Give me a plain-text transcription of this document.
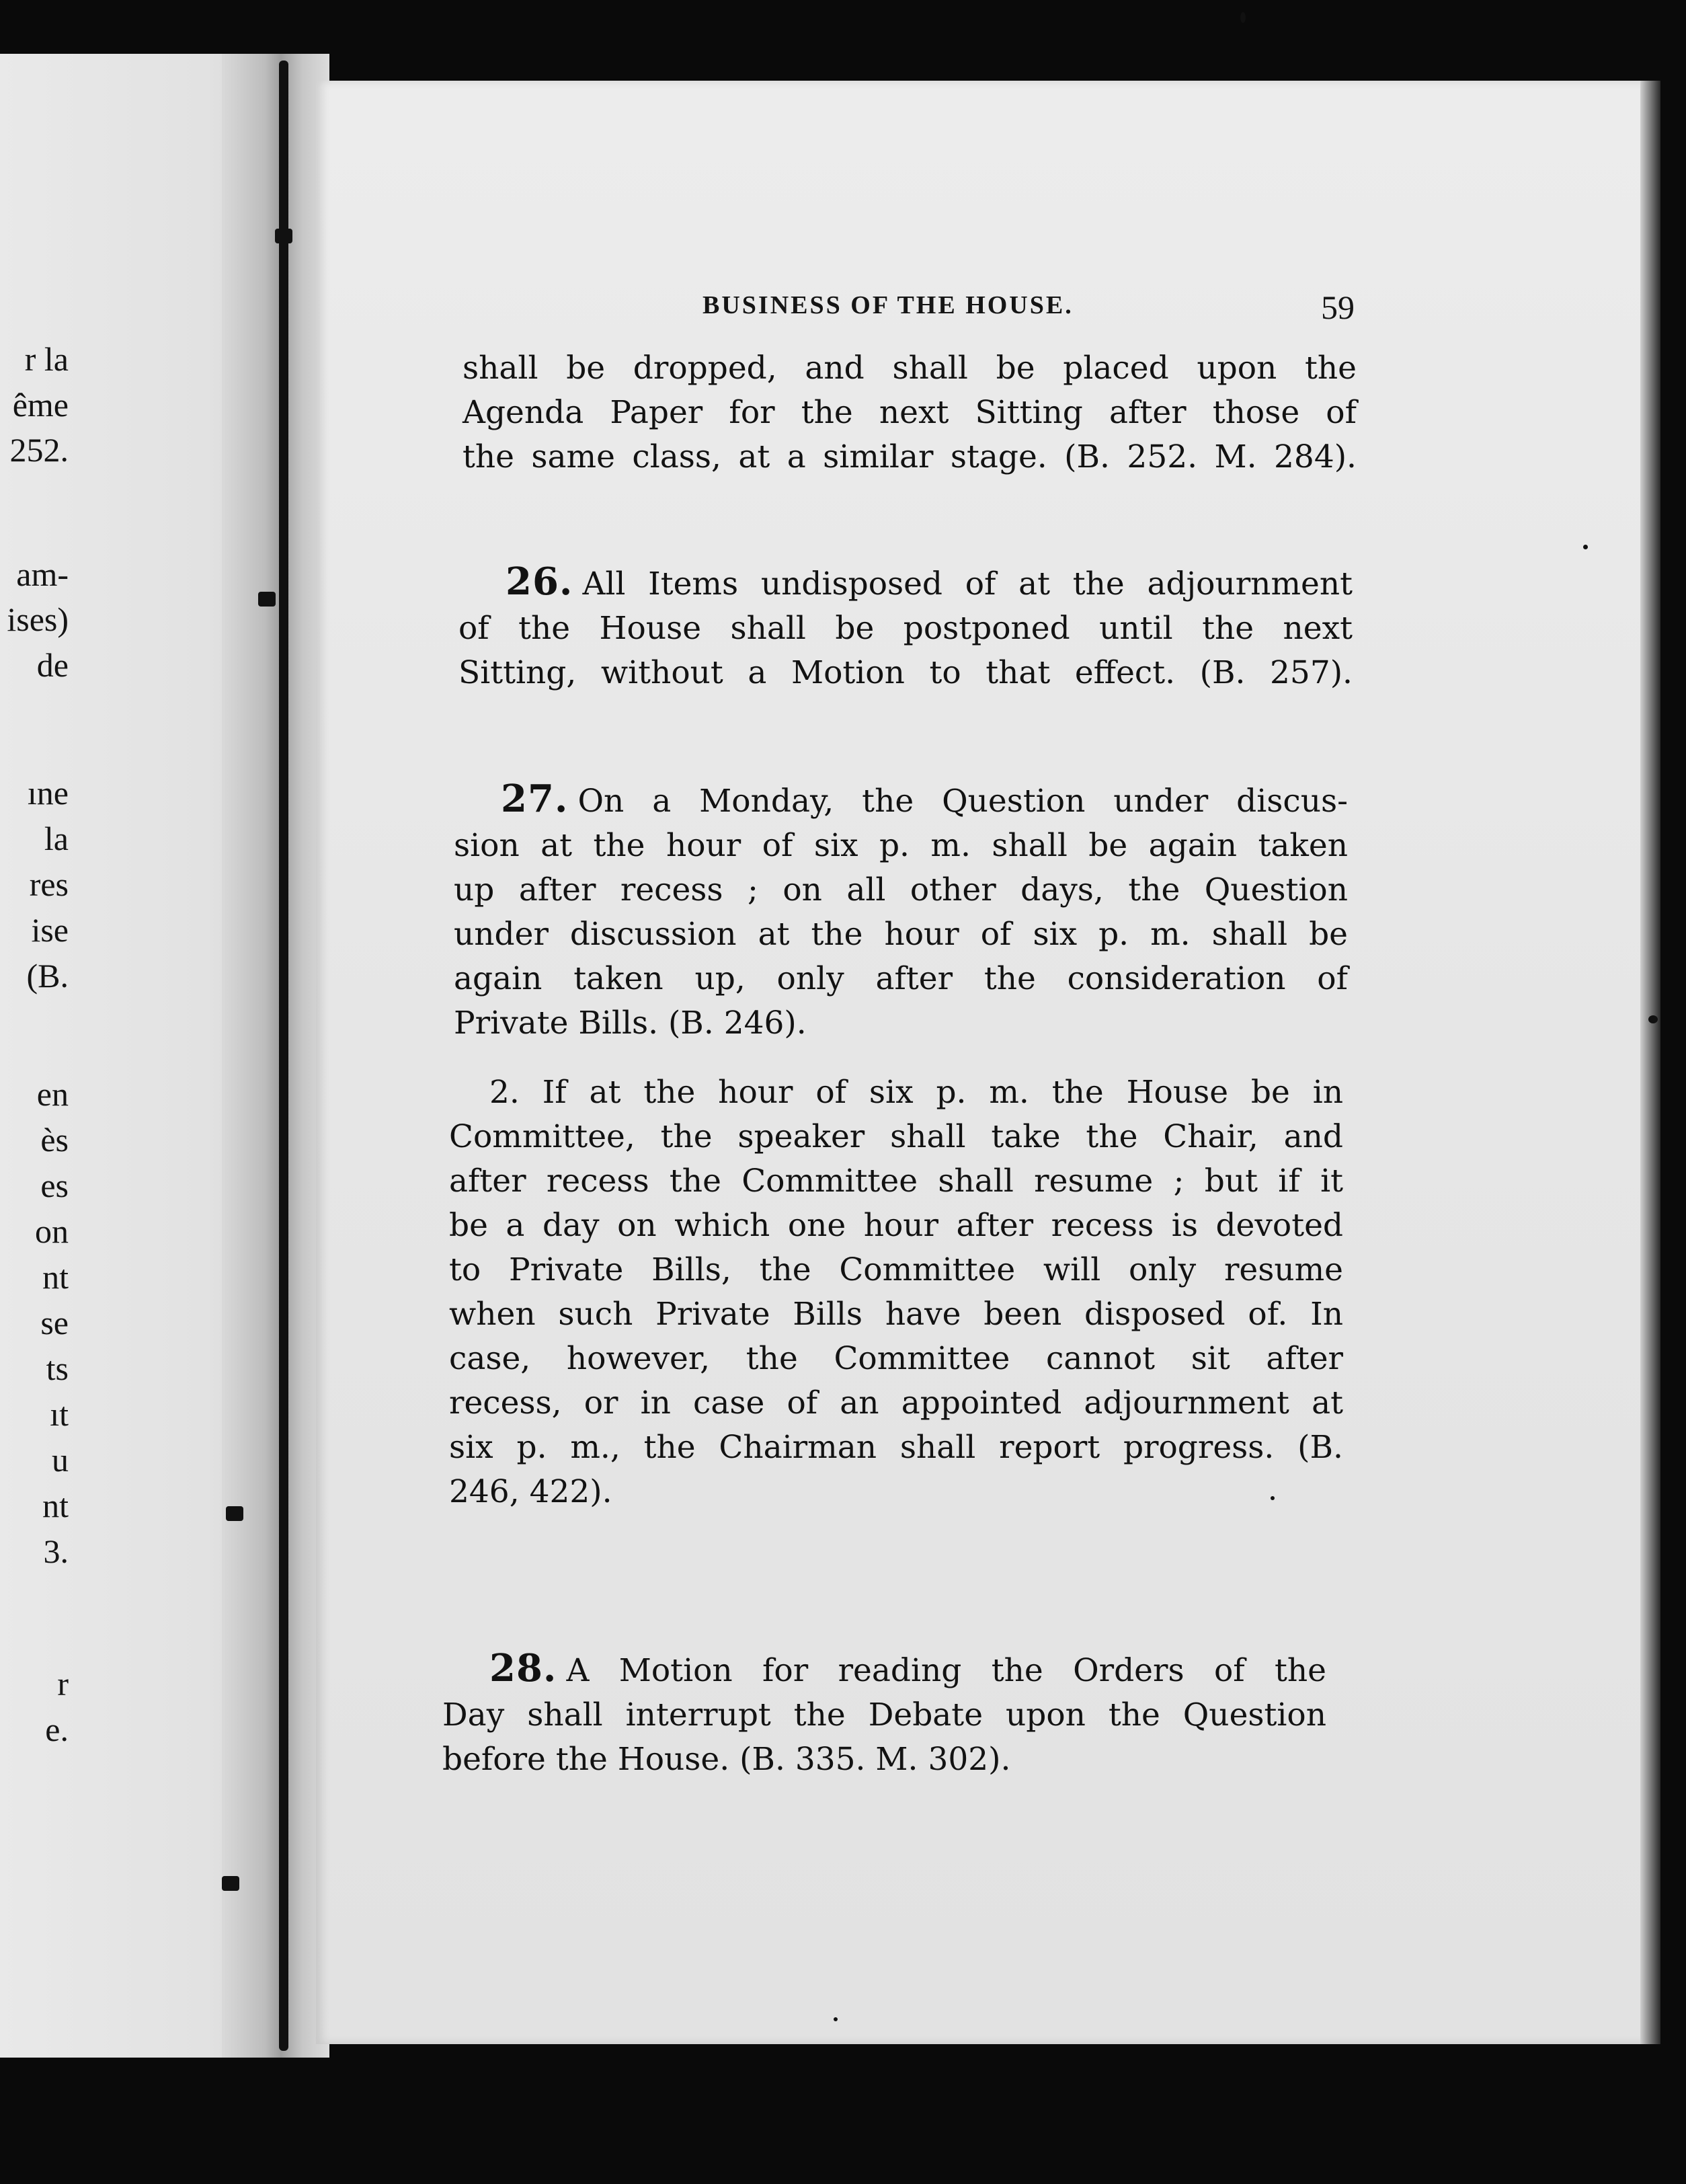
r la
ême
252.
am-
ises)
de
ıne
la
res
ise
(B.
en
ès
es
on
nt
se
ts
ıt
u
nt
3.
r
e.
BUSINESS OF THE HOUSE.	59
shall be dropped, and shall be placed upon the
Agenda Paper for the next Sitting after those of
the same class, at a similar stage. (B. 252. M. 284).
26. All Items undisposed of at the adjournment
of the House shall be postponed until the next
Sitting, without a Motion to that effect. (B. 257).
27. On a Monday, the Question under discus-
sion at the hour of six p. m. shall be again taken
up after recess ; on all other days, the Question
under discussion at the hour of six p. m. shall be
again taken up, only after the consideration of
Private Bills. (B. 246).
2. If at the hour of six p. m. the House be in
Committee, the speaker shall take the Chair, and
after recess the Committee shall resume ; but if it
be a day on which one hour after recess is devoted
to Private Bills, the Committee will only resume
when such Private Bills have been disposed of. In
case, however, the Committee cannot sit after
recess, or in case of an appointed adjournment at
six p. m., the Chairman shall report progress. (B.
246, 422).
28. A Motion for reading the Orders of the
Day shall interrupt the Debate upon the Question
before the House. (B. 335. M. 302).
